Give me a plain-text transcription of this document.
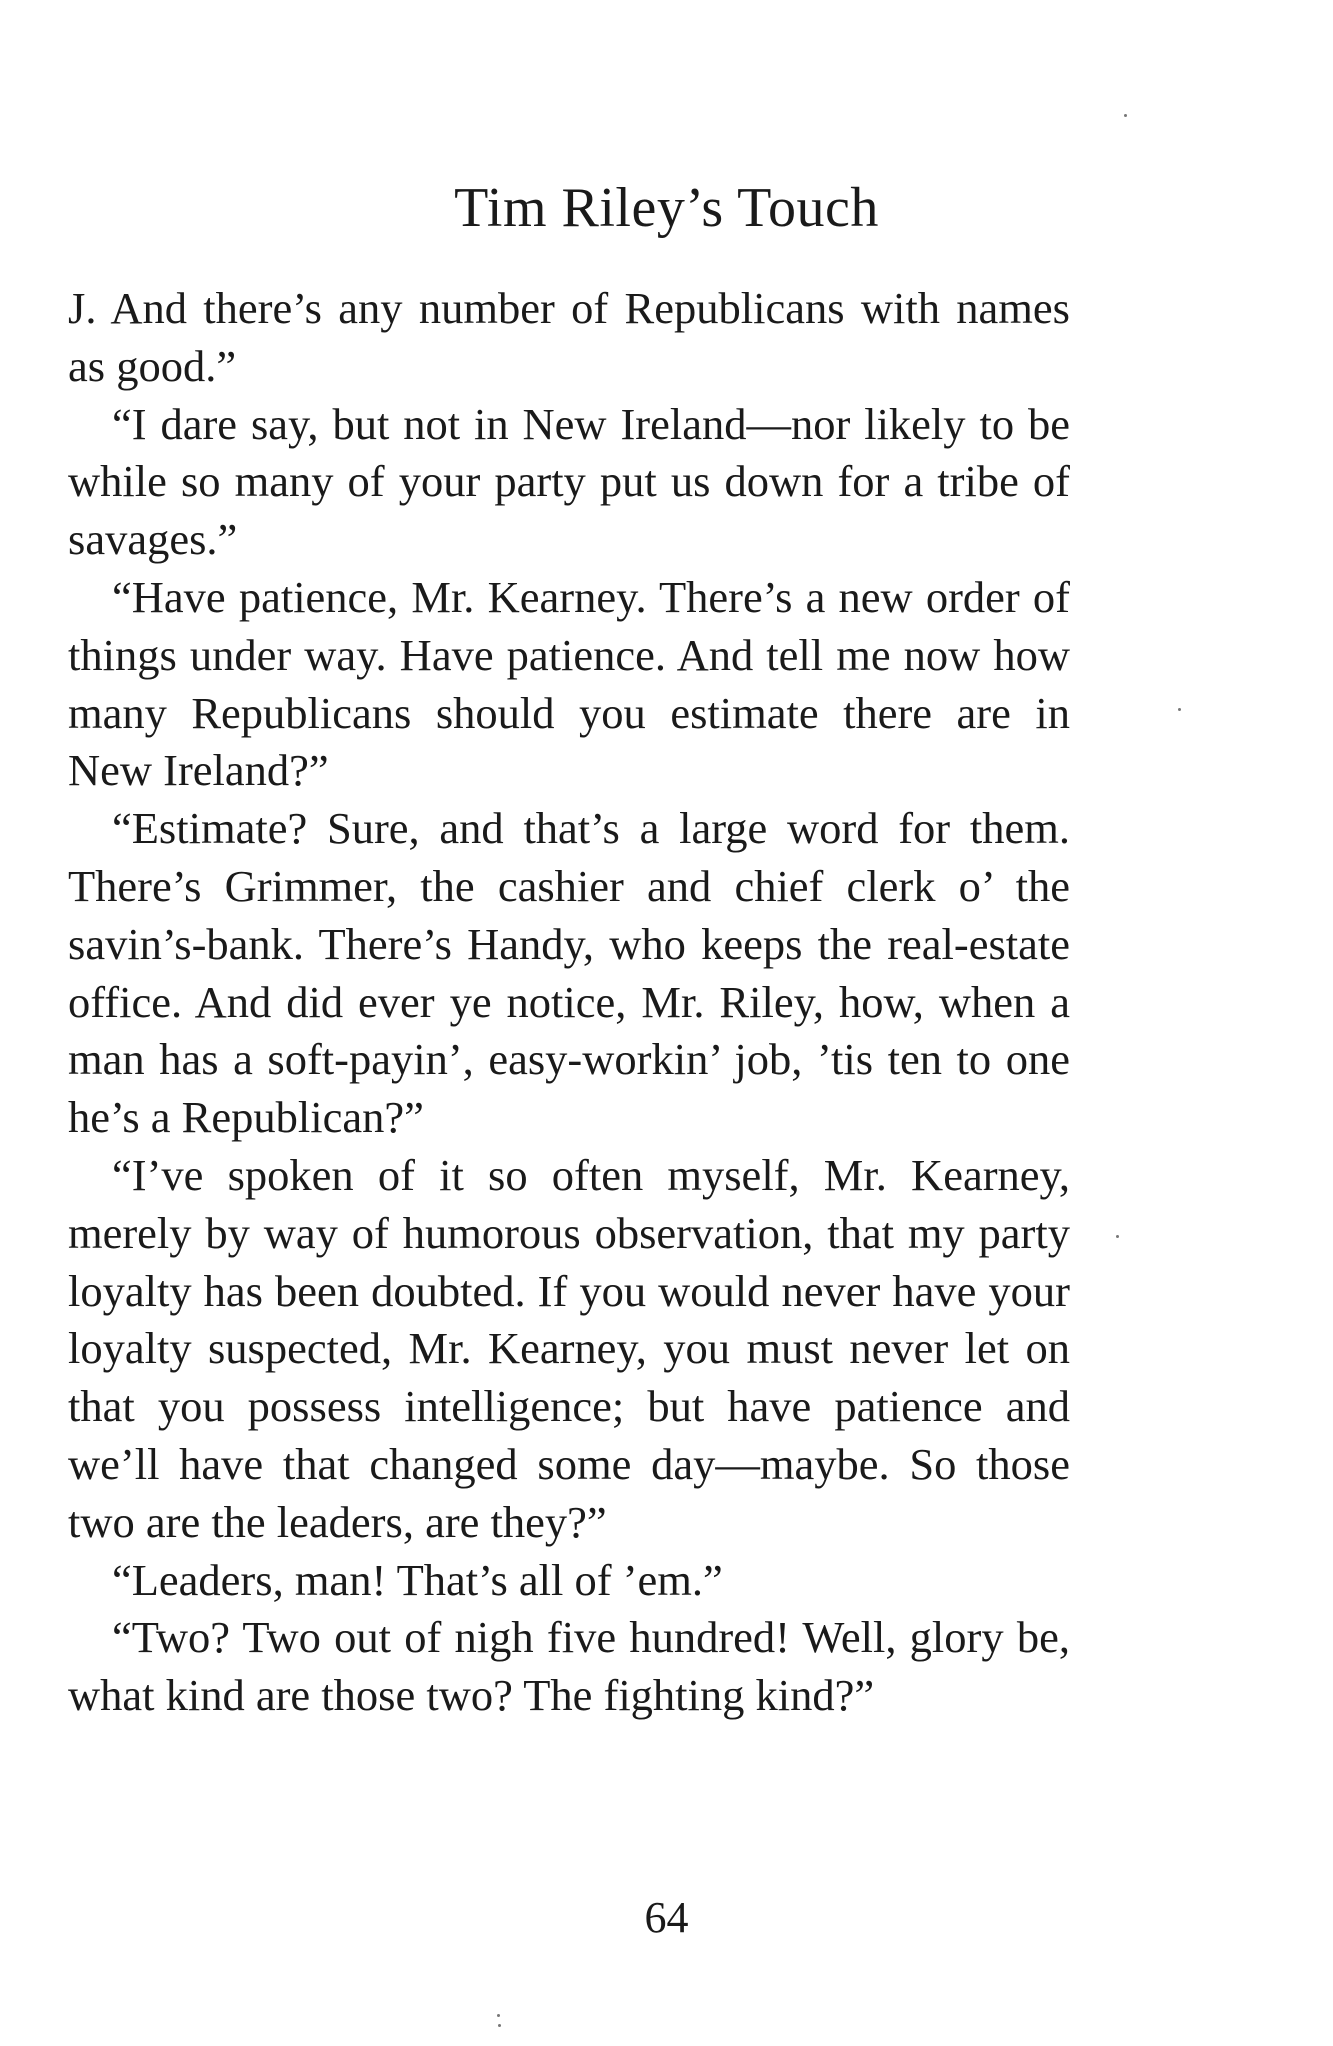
Tim Riley’s Touch

J. And there’s any number of Republicans with names as good.”

“I dare say, but not in New Ireland—nor likely to be while so many of your party put us down for a tribe of savages.”

“Have patience, Mr. Kearney. There’s a new order of things under way. Have patience. And tell me now how many Republicans should you estimate there are in New Ireland?”

“Estimate? Sure, and that’s a large word for them. There’s Grimmer, the cashier and chief clerk o’ the savin’s-bank. There’s Handy, who keeps the real-estate office. And did ever ye notice, Mr. Riley, how, when a man has a soft-payin’, easy-workin’ job, ’tis ten to one he’s a Republican?”

“I’ve spoken of it so often myself, Mr. Kearney, merely by way of humorous observation, that my party loyalty has been doubted. If you would never have your loyalty suspected, Mr. Kearney, you must never let on that you possess intelligence; but have patience and we’ll have that changed some day—maybe. So those two are the leaders, are they?”

“Leaders, man! That’s all of ’em.”

“Two? Two out of nigh five hundred! Well, glory be, what kind are those two? The fighting kind?”

64
